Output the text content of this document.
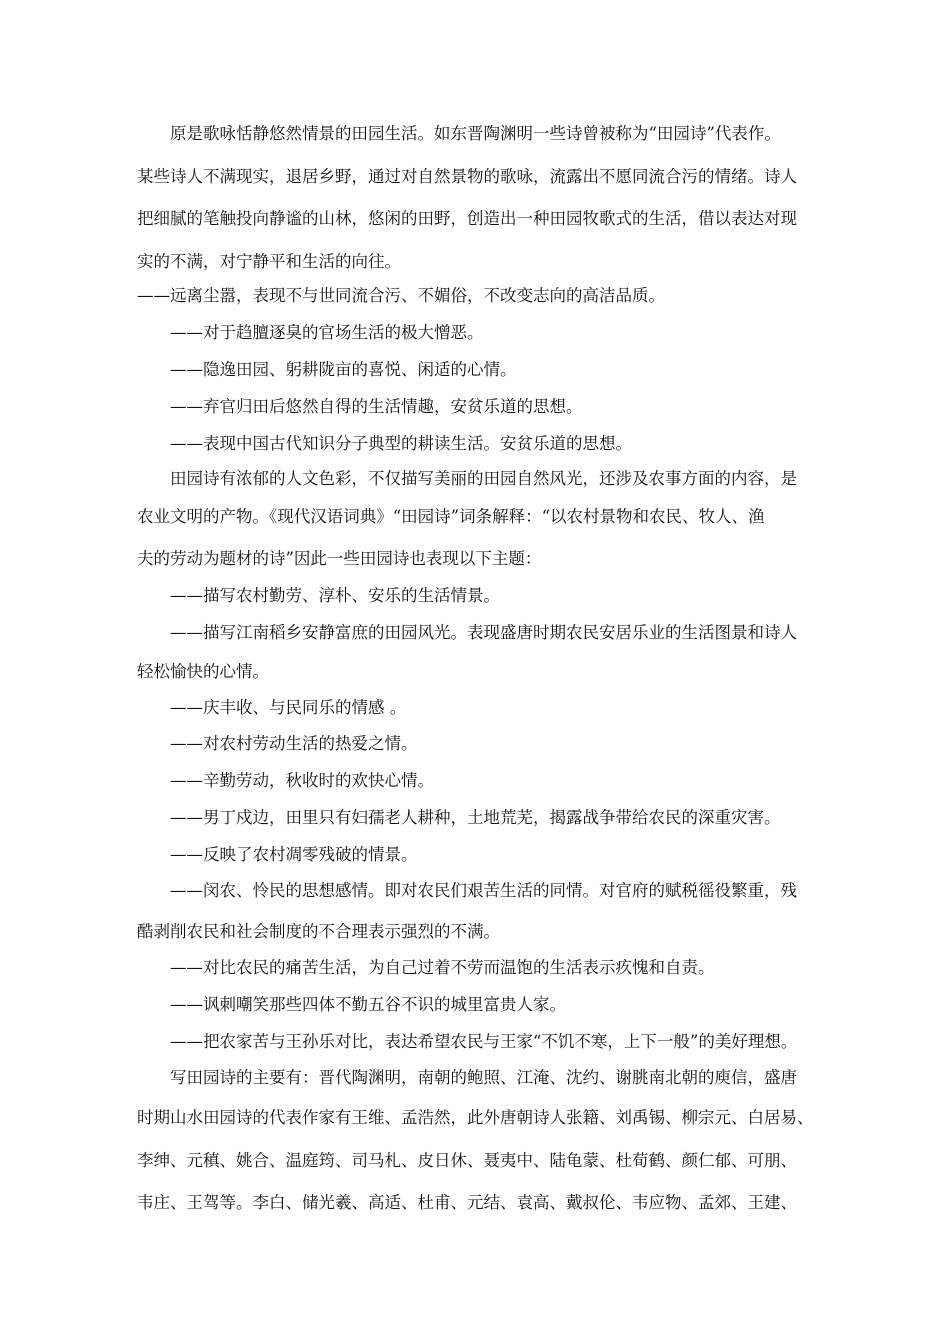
原是歌咏恬静悠然情景的田园生活。如东晋陶渊明一些诗曾被称为“田园诗”代表作。

某些诗人不满现实，退居乡野，通过对自然景物的歌咏，流露出不愿同流合污的情绪。诗人

把细腻的笔触投向静谧的山林，悠闲的田野，创造出一种田园牧歌式的生活，借以表达对现

实的不满，对宁静平和生活的向往。

——远离尘嚣，表现不与世同流合污、不媚俗，不改变志向的高洁品质。

——对于趋膻逐臭的官场生活的极大憎恶。

——隐逸田园、躬耕陇亩的喜悦、闲适的心情。

——弃官归田后悠然自得的生活情趣，安贫乐道的思想。

——表现中国古代知识分子典型的耕读生活。安贫乐道的思想。

田园诗有浓郁的人文色彩，不仅描写美丽的田园自然风光，还涉及农事方面的内容，是

农业文明的产物。《现代汉语词典》“田园诗”词条解释：“以农村景物和农民、牧人、渔

夫的劳动为题材的诗”因此一些田园诗也表现以下主题：

——描写农村勤劳、淳朴、安乐的生活情景。

——描写江南稻乡安静富庶的田园风光。表现盛唐时期农民安居乐业的生活图景和诗人

轻松愉快的心情。

——庆丰收、与民同乐的情感 。

——对农村劳动生活的热爱之情。

——辛勤劳动，秋收时的欢快心情。

——男丁戍边，田里只有妇孺老人耕种，土地荒芜，揭露战争带给农民的深重灾害。

——反映了农村凋零残破的情景。

——闵农、怜民的思想感情。即对农民们艰苦生活的同情。对官府的赋税徭役繁重，残

酷剥削农民和社会制度的不合理表示强烈的不满。

——对比农民的痛苦生活，为自己过着不劳而温饱的生活表示疚愧和自责。

——讽刺嘲笑那些四体不勤五谷不识的城里富贵人家。

——把农家苦与王孙乐对比，表达希望农民与王家“不饥不寒，上下一般”的美好理想。

写田园诗的主要有：晋代陶渊明，南朝的鲍照、江淹、沈约、谢朓南北朝的庾信，盛唐

时期山水田园诗的代表作家有王维、孟浩然，此外唐朝诗人张籍、刘禹锡、柳宗元、白居易、

李绅、元稹、姚合、温庭筠、司马札、皮日休、聂夷中、陆龟蒙、杜荀鹤、颜仁郁、可朋、

韦庄、王驾等。李白、储光羲、高适、杜甫、元结、袁高、戴叔伦、韦应物、孟郊、王建、
